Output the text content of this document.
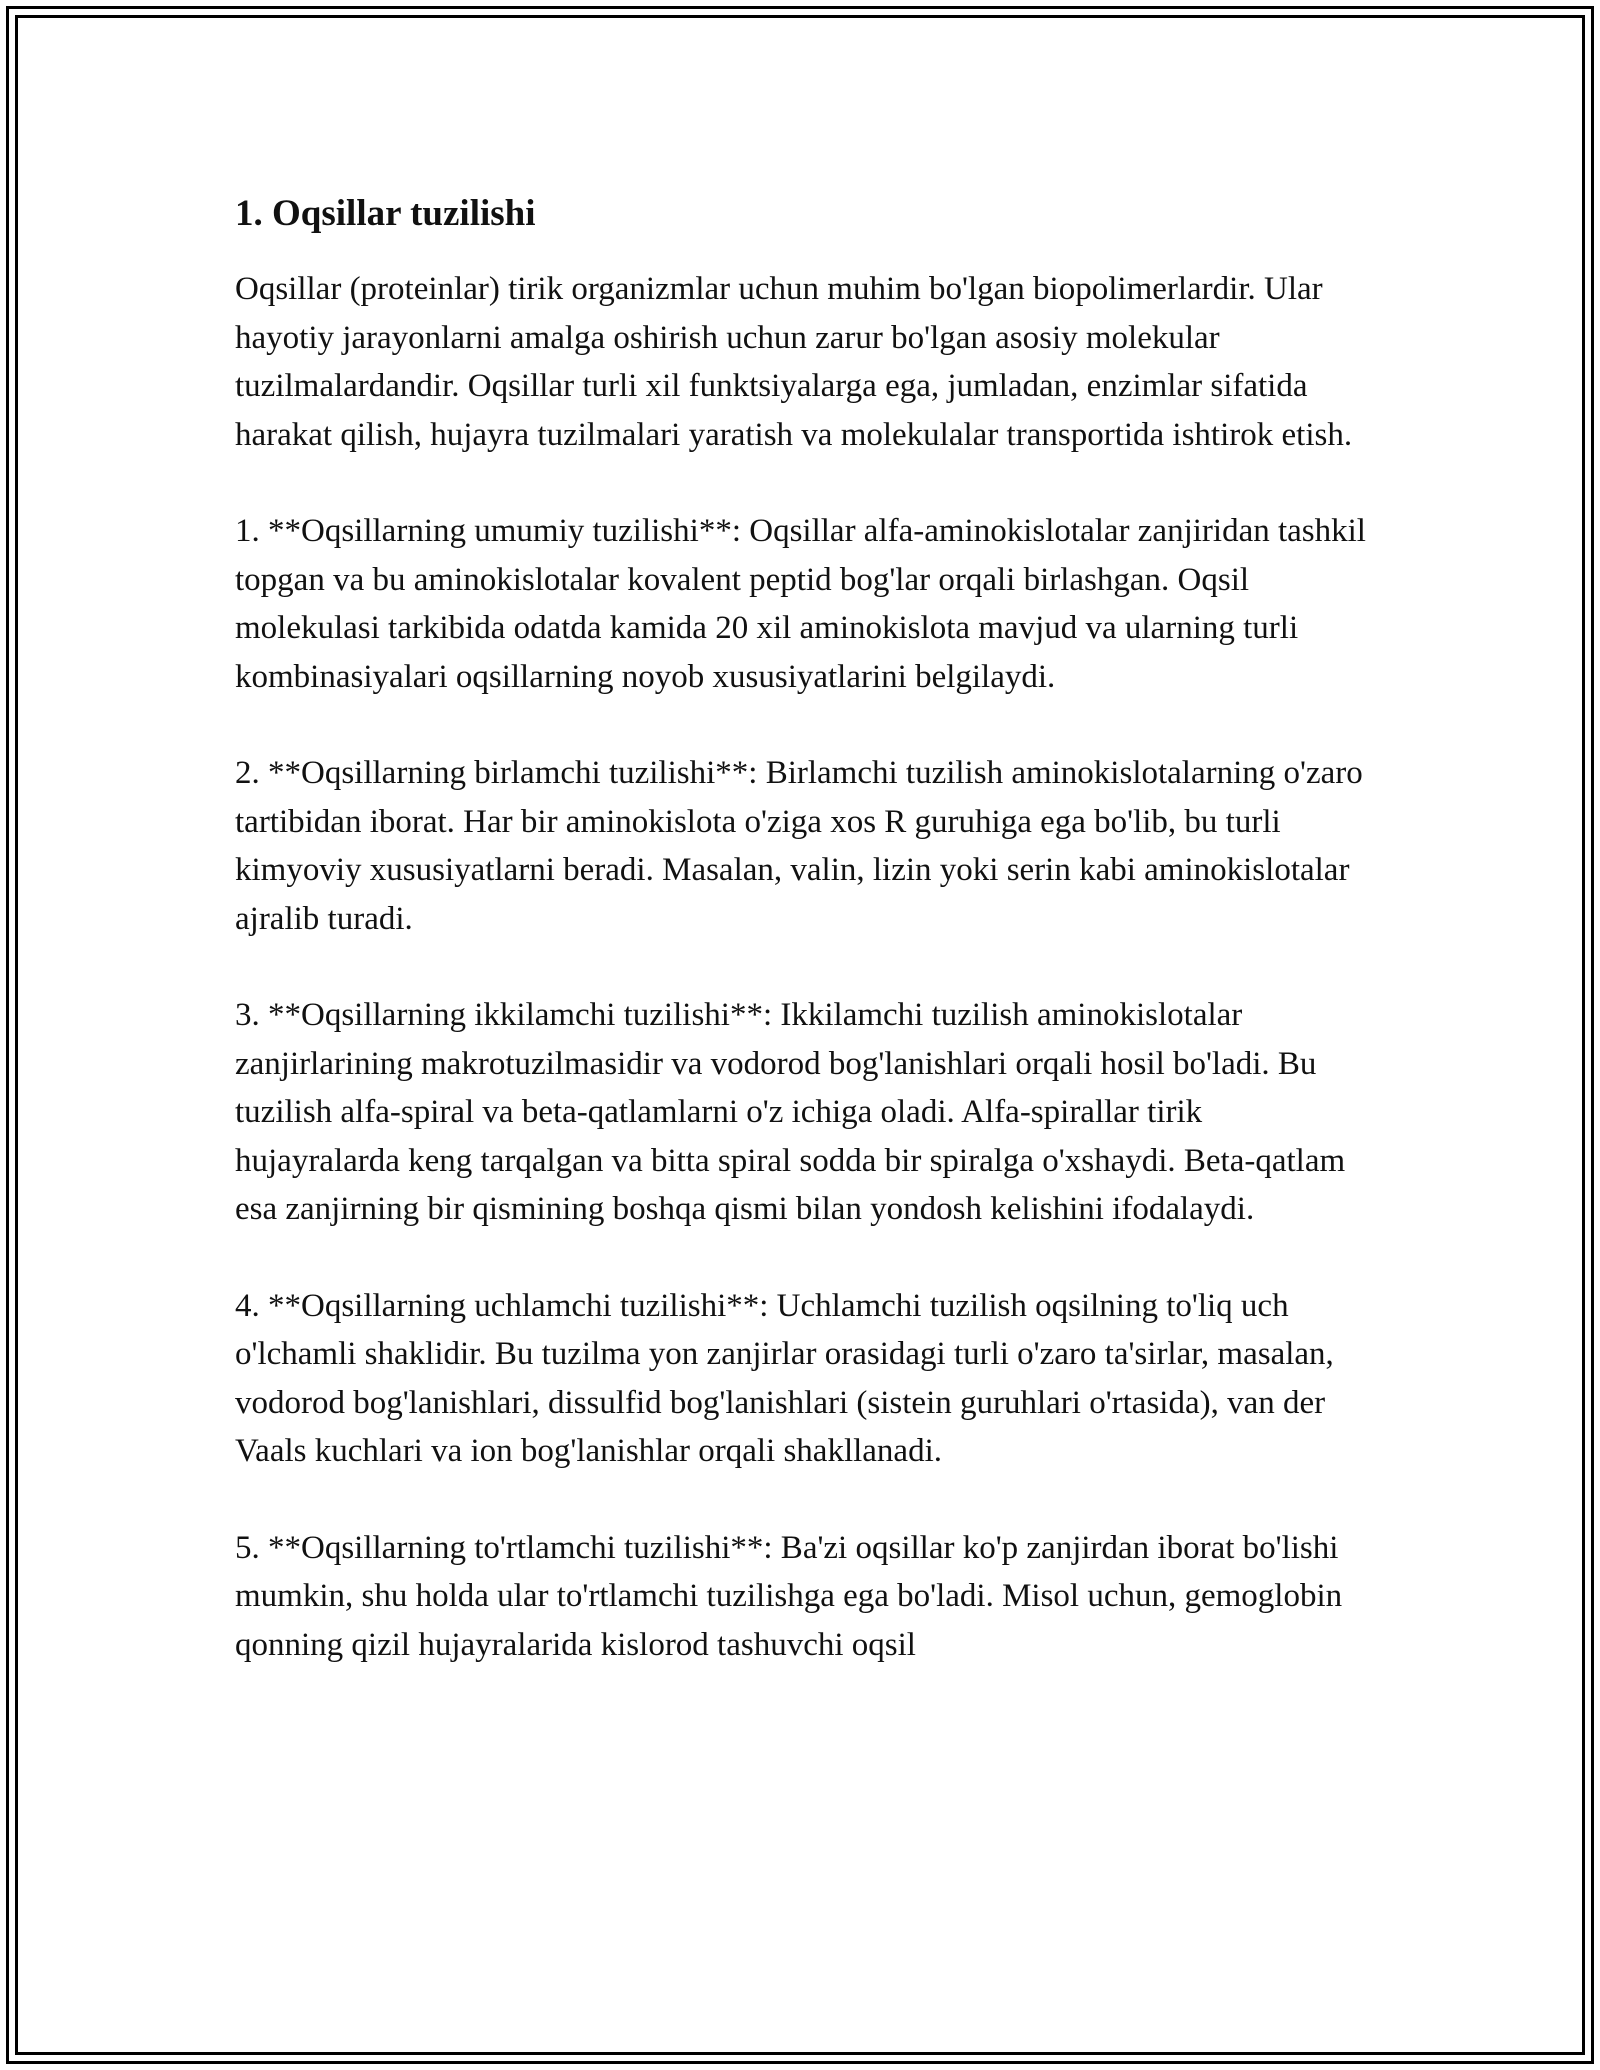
1. Oqsillar tuzilishi

Oqsillar (proteinlar) tirik organizmlar uchun muhim bo'lgan biopolimerlardir. Ular hayotiy jarayonlarni amalga oshirish uchun zarur bo'lgan asosiy molekular tuzilmalardandir. Oqsillar turli xil funktsiyalarga ega, jumladan, enzimlar sifatida harakat qilish, hujayra tuzilmalari yaratish va molekulalar transportida ishtirok etish.

1. **Oqsillarning umumiy tuzilishi**: Oqsillar alfa-aminokislotalar zanjiridan tashkil topgan va bu aminokislotalar kovalent peptid bog'lar orqali birlashgan. Oqsil molekulasi tarkibida odatda kamida 20 xil aminokislota mavjud va ularning turli kombinasiyalari oqsillarning noyob xususiyatlarini belgilaydi.

2. **Oqsillarning birlamchi tuzilishi**: Birlamchi tuzilish aminokislotalarning o'zaro tartibidan iborat. Har bir aminokislota o'ziga xos R guruhiga ega bo'lib, bu turli kimyoviy xususiyatlarni beradi. Masalan, valin, lizin yoki serin kabi aminokislotalar ajralib turadi.

3. **Oqsillarning ikkilamchi tuzilishi**: Ikkilamchi tuzilish aminokislotalar zanjirlarining makrotuzilmasidir va vodorod bog'lanishlari orqali hosil bo'ladi. Bu tuzilish alfa-spiral va beta-qatlamlarni o'z ichiga oladi. Alfa-spirallar tirik hujayralarda keng tarqalgan va bitta spiral sodda bir spiralga o'xshaydi. Beta-qatlam esa zanjirning bir qismining boshqa qismi bilan yondosh kelishini ifodalaydi.

4. **Oqsillarning uchlamchi tuzilishi**: Uchlamchi tuzilish oqsilning to'liq uch o'lchamli shaklidir. Bu tuzilma yon zanjirlar orasidagi turli o'zaro ta'sirlar, masalan, vodorod bog'lanishlari, dissulfid bog'lanishlari (sistein guruhlari o'rtasida), van der Vaals kuchlari va ion bog'lanishlar orqali shakllanadi.

5. **Oqsillarning to'rtlamchi tuzilishi**: Ba'zi oqsillar ko'p zanjirdan iborat bo'lishi mumkin, shu holda ular to'rtlamchi tuzilishga ega bo'ladi. Misol uchun, gemoglobin qonning qizil hujayralarida kislorod tashuvchi oqsil
